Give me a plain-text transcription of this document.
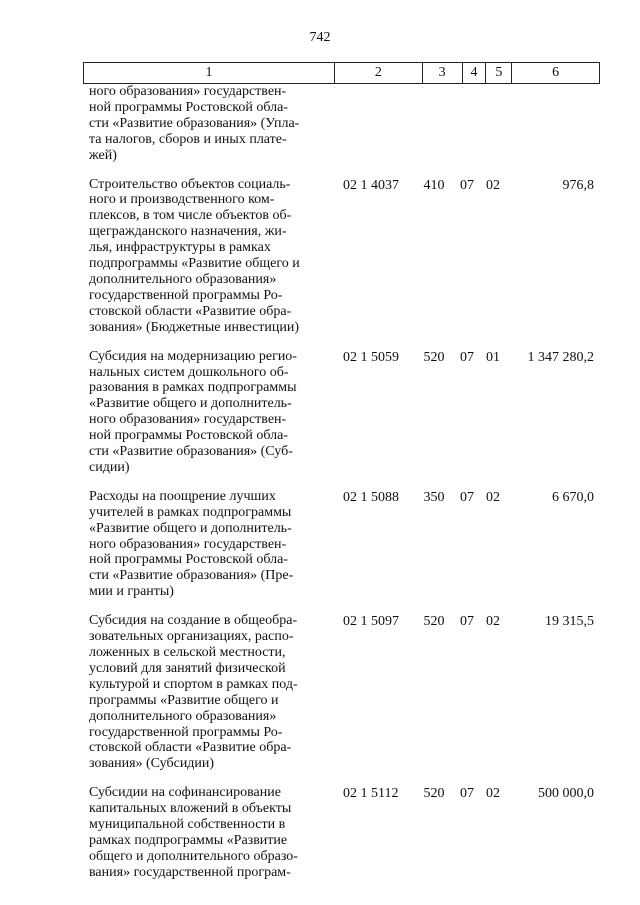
742
1	2	3	4	5	6
ного образования» государствен-
ной программы Ростовской обла-
сти «Развитие образования» (Упла-
та налогов, сборов и иных плате-
жей)
Строительство объектов социаль-
ного и производственного ком-
плексов, в том числе объектов об-
щегражданского назначения, жи-
лья, инфраструктуры в рамках
подпрограммы «Развитие общего и
дополнительного образования»
государственной программы Ро-
стовской области «Развитие обра-
зования» (Бюджетные инвестиции)
02 1 4037	410	07 02	976,8
Субсидия на модернизацию регио-
нальных систем дошкольного об-
разования в рамках подпрограммы
«Развитие общего и дополнитель-
ного образования» государствен-
ной программы Ростовской обла-
сти «Развитие образования» (Суб-
сидии)
02 1 5059	520	07 01	1 347 280,2
Расходы на поощрение лучших
учителей в рамках подпрограммы
«Развитие общего и дополнитель-
ного образования» государствен-
ной программы Ростовской обла-
сти «Развитие образования» (Пре-
мии и гранты)
02 1 5088	350	07 02	6 670,0
Субсидия на создание в общеобра-
зовательных организациях, распо-
ложенных в сельской местности,
условий для занятий физической
культурой и спортом в рамках под-
программы «Развитие общего и
дополнительного образования»
государственной программы Ро-
стовской области «Развитие обра-
зования» (Субсидии)
02 1 5097	520	07 02	19 315,5
Субсидии на софинансирование
капитальных вложений в объекты
муниципальной собственности в
рамках подпрограммы «Развитие
общего и дополнительного образо-
вания» государственной програм-
02 1 5112	520	07 02	500 000,0
